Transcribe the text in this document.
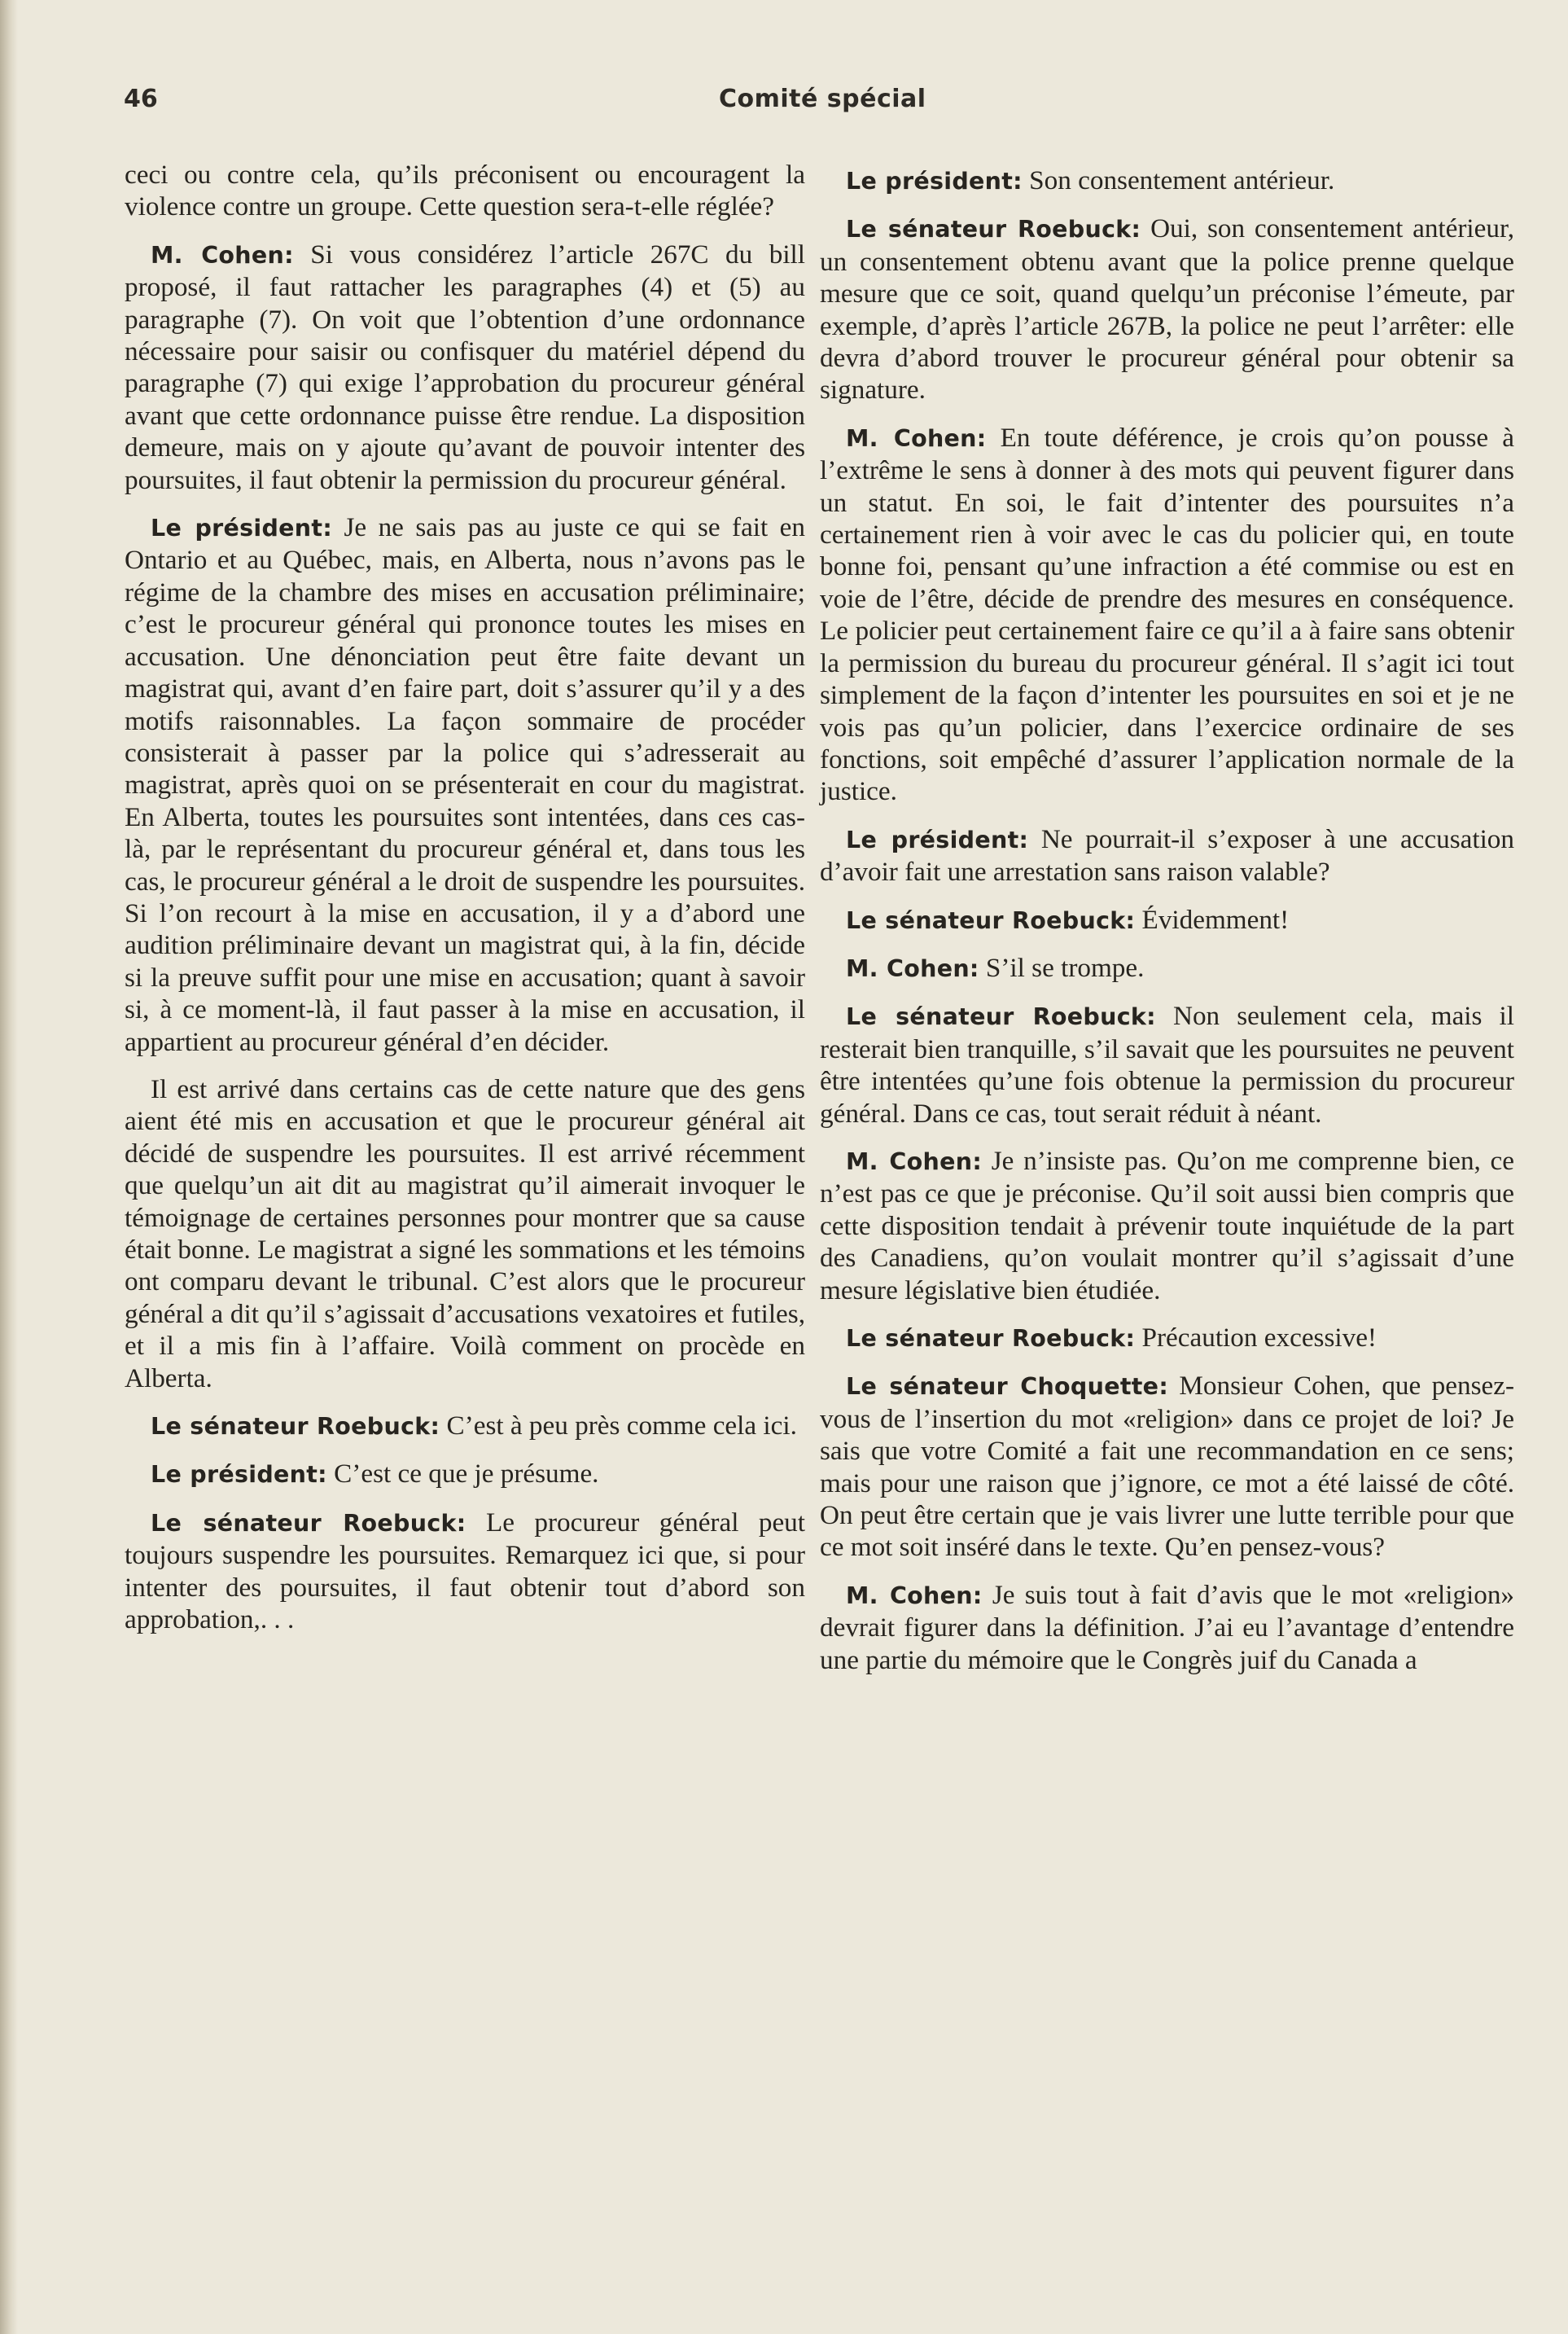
46	Comité spécial

ceci ou contre cela, qu’ils préconisent ou encouragent la violence contre un groupe. Cette question sera-t-elle réglée?

M. Cohen: Si vous considérez l’article 267C du bill proposé, il faut rattacher les paragraphes (4) et (5) au paragraphe (7). On voit que l’obtention d’une ordonnance nécessaire pour saisir ou confisquer du matériel dépend du paragraphe (7) qui exige l’approbation du procureur général avant que cette ordonnance puisse être rendue. La disposition demeure, mais on y ajoute qu’avant de pouvoir intenter des poursuites, il faut obtenir la permission du procureur général.

Le président: Je ne sais pas au juste ce qui se fait en Ontario et au Québec, mais, en Alberta, nous n’avons pas le régime de la chambre des mises en accusation préliminaire; c’est le procureur général qui prononce toutes les mises en accusation. Une dénonciation peut être faite devant un magistrat qui, avant d’en faire part, doit s’assurer qu’il y a des motifs raisonnables. La façon sommaire de procéder consisterait à passer par la police qui s’adresserait au magistrat, après quoi on se présenterait en cour du magistrat. En Alberta, toutes les poursuites sont intentées, dans ces cas-là, par le représentant du procureur général et, dans tous les cas, le procureur général a le droit de suspendre les poursuites. Si l’on recourt à la mise en accusation, il y a d’abord une audition préliminaire devant un magistrat qui, à la fin, décide si la preuve suffit pour une mise en accusation; quant à savoir si, à ce moment-là, il faut passer à la mise en accusation, il appartient au procureur général d’en décider.

Il est arrivé dans certains cas de cette nature que des gens aient été mis en accusation et que le procureur général ait décidé de suspendre les poursuites. Il est arrivé récemment que quelqu’un ait dit au magistrat qu’il aimerait invoquer le témoignage de certaines personnes pour montrer que sa cause était bonne. Le magistrat a signé les sommations et les témoins ont comparu devant le tribunal. C’est alors que le procureur général a dit qu’il s’agissait d’accusations vexatoires et futiles, et il a mis fin à l’affaire. Voilà comment on procède en Alberta.

Le sénateur Roebuck: C’est à peu près comme cela ici.

Le président: C’est ce que je présume.

Le sénateur Roebuck: Le procureur général peut toujours suspendre les poursuites. Remarquez ici que, si pour intenter des poursuites, il faut obtenir tout d’abord son approbation,. . .

Le président: Son consentement antérieur.

Le sénateur Roebuck: Oui, son consentement antérieur, un consentement obtenu avant que la police prenne quelque mesure que ce soit, quand quelqu’un préconise l’émeute, par exemple, d’après l’article 267B, la police ne peut l’arrêter: elle devra d’abord trouver le procureur général pour obtenir sa signature.

M. Cohen: En toute déférence, je crois qu’on pousse à l’extrême le sens à donner à des mots qui peuvent figurer dans un statut. En soi, le fait d’intenter des poursuites n’a certainement rien à voir avec le cas du policier qui, en toute bonne foi, pensant qu’une infraction a été commise ou est en voie de l’être, décide de prendre des mesures en conséquence. Le policier peut certainement faire ce qu’il a à faire sans obtenir la permission du bureau du procureur général. Il s’agit ici tout simplement de la façon d’intenter les poursuites en soi et je ne vois pas qu’un policier, dans l’exercice ordinaire de ses fonctions, soit empêché d’assurer l’application normale de la justice.

Le président: Ne pourrait-il s’exposer à une accusation d’avoir fait une arrestation sans raison valable?

Le sénateur Roebuck: Évidemment!

M. Cohen: S’il se trompe.

Le sénateur Roebuck: Non seulement cela, mais il resterait bien tranquille, s’il savait que les poursuites ne peuvent être intentées qu’une fois obtenue la permission du procureur général. Dans ce cas, tout serait réduit à néant.

M. Cohen: Je n’insiste pas. Qu’on me comprenne bien, ce n’est pas ce que je préconise. Qu’il soit aussi bien compris que cette disposition tendait à prévenir toute inquiétude de la part des Canadiens, qu’on voulait montrer qu’il s’agissait d’une mesure législative bien étudiée.

Le sénateur Roebuck: Précaution excessive!

Le sénateur Choquette: Monsieur Cohen, que pensez-vous de l’insertion du mot «religion» dans ce projet de loi? Je sais que votre Comité a fait une recommandation en ce sens; mais pour une raison que j’ignore, ce mot a été laissé de côté. On peut être certain que je vais livrer une lutte terrible pour que ce mot soit inséré dans le texte. Qu’en pensez-vous?

M. Cohen: Je suis tout à fait d’avis que le mot «religion» devrait figurer dans la définition. J’ai eu l’avantage d’entendre une partie du mémoire que le Congrès juif du Canada a
